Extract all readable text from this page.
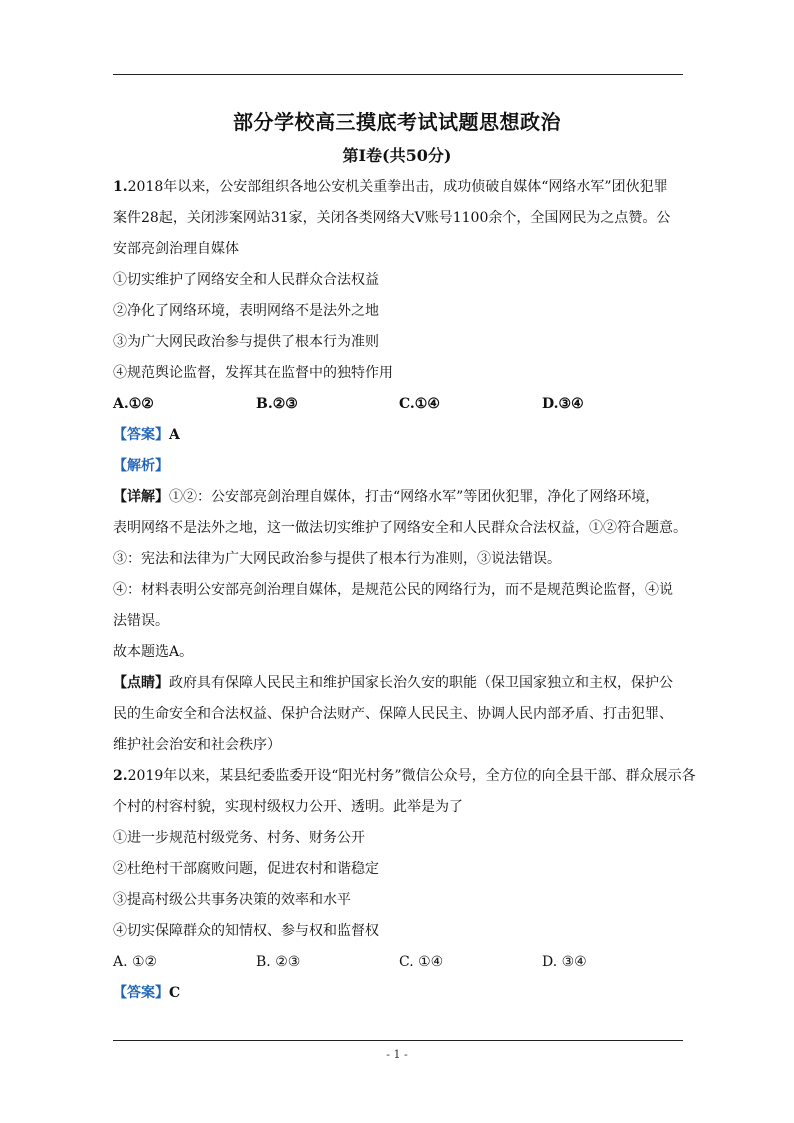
部分学校高三摸底考试试题思想政治
第Ⅰ卷(共50分)
1.2018年以来，公安部组织各地公安机关重拳出击，成功侦破自媒体“网络水军”团伙犯罪
案件28起，关闭涉案网站31家，关闭各类网络大V账号1100余个，全国网民为之点赞。公
安部亮剑治理自媒体
①切实维护了网络安全和人民群众合法权益
②净化了网络环境，表明网络不是法外之地
③为广大网民政治参与提供了根本行为准则
④规范舆论监督，发挥其在监督中的独特作用
A.①②	B.②③	C.①④	D.③④
【答案】A
【解析】
【详解】①②：公安部亮剑治理自媒体，打击“网络水军”等团伙犯罪，净化了网络环境，
表明网络不是法外之地，这一做法切实维护了网络安全和人民群众合法权益，①②符合题意。
③：宪法和法律为广大网民政治参与提供了根本行为准则，③说法错误。
④：材料表明公安部亮剑治理自媒体，是规范公民的网络行为，而不是规范舆论监督，④说
法错误。
故本题选A。
【点睛】政府具有保障人民民主和维护国家长治久安的职能（保卫国家独立和主权，保护公
民的生命安全和合法权益、保护合法财产、保障人民民主、协调人民内部矛盾、打击犯罪、
维护社会治安和社会秩序）
2.2019年以来，某县纪委监委开设“阳光村务”微信公众号，全方位的向全县干部、群众展示各
个村的村容村貌，实现村级权力公开、透明。此举是为了
①进一步规范村级党务、村务、财务公开
②杜绝村干部腐败问题，促进农村和谐稳定
③提高村级公共事务决策的效率和水平
④切实保障群众的知情权、参与权和监督权
A. ①②	B. ②③	C. ①④	D. ③④
【答案】C
- 1 -
